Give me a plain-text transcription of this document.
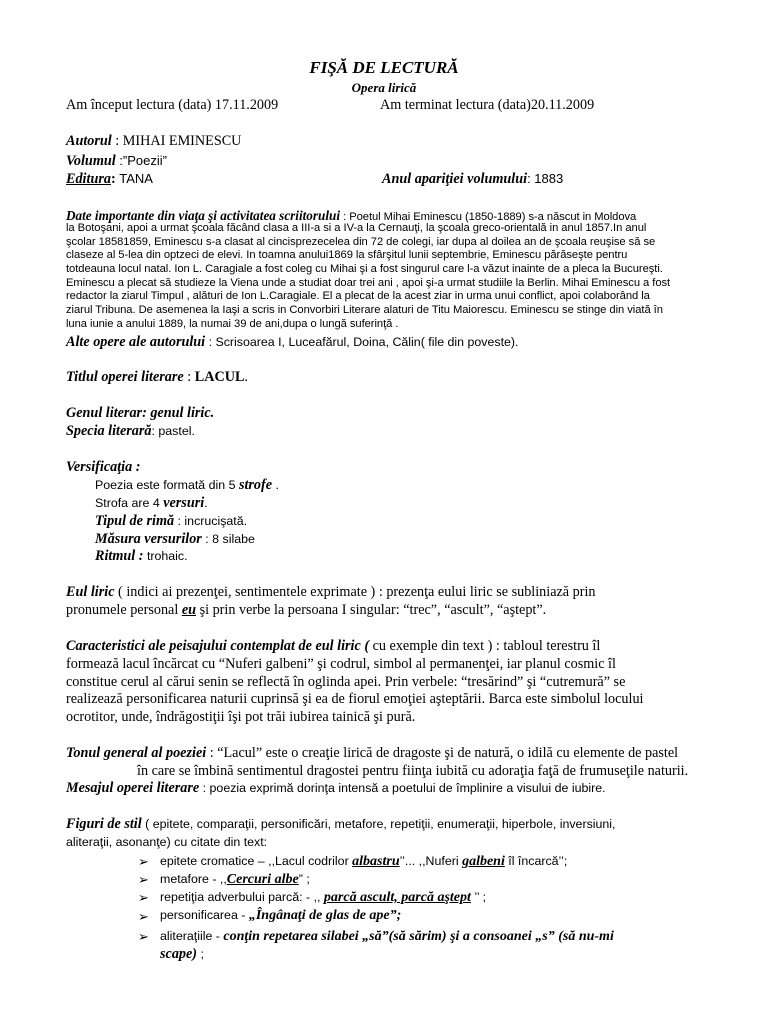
FIŞĂ DE LECTURĂ
Opera lirică
Am început lectura (data) 17.11.2009	Am terminat lectura (data)20.11.2009
Autorul : MIHAI EMINESCU
Volumul :”Poezii”
Editura: TANA	Anul apariţiei volumului: 1883
Date importante din viaţa şi activitatea scriitorului : Poetul Mihai Eminescu (1850-1889) s-a născut in Moldova
la Botoşani, apoi a urmat şcoala făcând clasa a III-a si a IV-a la Cernauţi, la şcoala greco-orientală in anul 1857.In anul
şcolar 18581859, Eminescu s-a clasat al cincisprezecelea din 72 de colegi, iar dupa al doilea an de şcoala reuşise să se
claseze al 5-lea din optzeci de elevi. In toamna anului1869 la sfârşitul lunii septembrie, Eminescu părăseşte pentru
totdeauna locul natal. Ion L. Caragiale a fost coleg cu Mihai şi a fost singurul care l-a văzut inainte de a pleca la Bucureşti.
Eminescu a plecat să studieze la Viena unde a studiat doar trei ani , apoi şi-a urmat studiile la Berlin. Mihai Eminescu a fost
redactor la ziarul Timpul , alături de Ion L.Caragiale. El a plecat de la acest ziar in urma unui conflict, apoi colaborând la
ziarul Tribuna. De asemenea la Iaşi a scris in Convorbiri Literare alaturi de Titu Maiorescu. Eminescu se stinge din viată în
luna iunie a anului 1889, la numai 39 de ani,dupa o lungă suferinţă .
Alte opere ale autorului : Scrisoarea I, Luceafărul, Doina, Călin( file din poveste).
Titlul operei literare : LACUL.
Genul literar: genul liric.
Specia literară: pastel.
Versificaţia :
Poezia este formată din 5 strofe .
Strofa are 4 versuri.
Tipul de rimă : incrucişată.
Măsura versurilor : 8 silabe
Ritmul : trohaic.
Eul liric ( indici ai prezenţei, sentimentele exprimate ) : prezenţa eului liric se subliniază prin
pronumele personal eu şi prin verbe la persoana I singular: “trec”, “ascult”, “aştept”.
Caracteristici ale peisajului contemplat de eul liric ( cu exemple din text ) : tabloul terestru îl
formează lacul încărcat cu “Nuferi galbeni” şi codrul, simbol al permanenţei, iar planul cosmic îl
constitue cerul al cărui senin se reflectă în oglinda apei. Prin verbele: “tresărind” şi “cutremură” se
realizează personificarea naturii cuprinsă şi ea de fiorul emoţiei aşteptării. Barca este simbolul locului
ocrotitor, unde, îndrăgostiţii îşi pot trăi iubirea tainică şi pură.
Tonul general al poeziei : “Lacul” este o creaţie lirică de dragoste şi de natură, o idilă cu elemente de pastel
în care se îmbină sentimentul dragostei pentru fiinţa iubită cu adoraţia faţă de frumuseţile naturii.
Mesajul operei literare : poezia exprimă dorinţa intensă a poetului de împlinire a visului de iubire.
Figuri de stil ( epitete, comparaţii, personificări, metafore, repetiţii, enumeraţii, hiperbole, inversiuni,
aliteraţii, asonanţe) cu citate din text:
➢ epitete cromatice – ,,Lacul codrilor albastru’’... ,,Nuferi galbeni îl încarcă’’;
➢ metafore - ,,Cercuri albe” ;
➢ repetiţia adverbului parcă: - ,, parcă ascult, parcă aştept ’’ ;
➢ personificarea - „Îngânaţi de glas de ape”;
➢ aliteraţiile - conţin repetarea silabei „să”(să sărim) şi a consoanei „s” (să nu-mi
scape) ;
